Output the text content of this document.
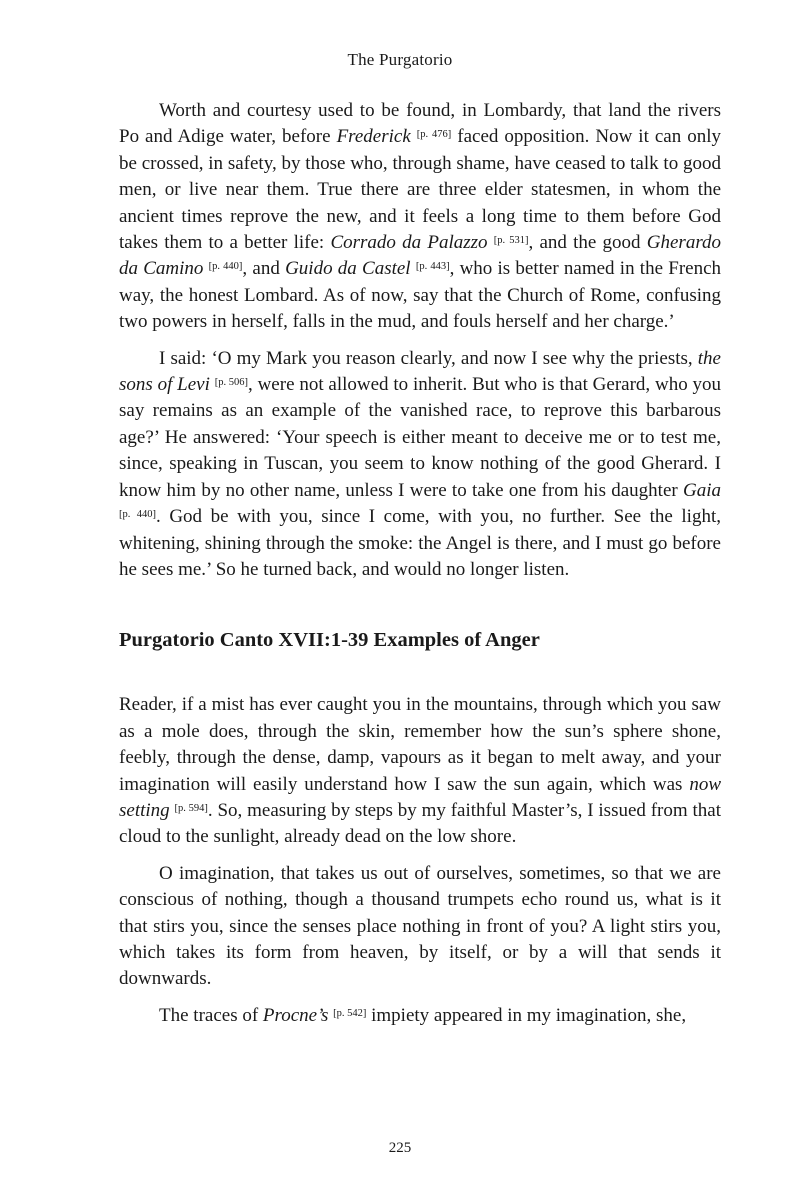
The Purgatorio

Worth and courtesy used to be found, in Lombardy, that land the rivers Po and Adige water, before Frederick [p. 476] faced opposition. Now it can only be crossed, in safety, by those who, through shame, have ceased to talk to good men, or live near them. True there are three elder statesmen, in whom the ancient times reprove the new, and it feels a long time to them before God takes them to a better life: Corrado da Palazzo [p. 531], and the good Gherardo da Camino [p. 440], and Guido da Castel [p. 443], who is better named in the French way, the honest Lombard. As of now, say that the Church of Rome, confusing two powers in herself, falls in the mud, and fouls herself and her charge.’

I said: ‘O my Mark you reason clearly, and now I see why the priests, the sons of Levi [p. 506], were not allowed to inherit. But who is that Gerard, who you say remains as an example of the vanished race, to reprove this barbarous age?’ He answered: ‘Your speech is either meant to deceive me or to test me, since, speaking in Tuscan, you seem to know nothing of the good Gherard. I know him by no other name, unless I were to take one from his daughter Gaia [p. 440]. God be with you, since I come, with you, no further. See the light, whitening, shining through the smoke: the Angel is there, and I must go before he sees me.’ So he turned back, and would no longer listen.

Purgatorio Canto XVII:1-39 Examples of Anger

Reader, if a mist has ever caught you in the mountains, through which you saw as a mole does, through the skin, remember how the sun’s sphere shone, feebly, through the dense, damp, vapours as it began to melt away, and your imagination will easily understand how I saw the sun again, which was now setting [p. 594]. So, measuring by steps by my faithful Master’s, I issued from that cloud to the sunlight, already dead on the low shore.

O imagination, that takes us out of ourselves, sometimes, so that we are conscious of nothing, though a thousand trumpets echo round us, what is it that stirs you, since the senses place nothing in front of you? A light stirs you, which takes its form from heaven, by itself, or by a will that sends it downwards.

The traces of Procne’s [p. 542] impiety appeared in my imagination, she,

225
